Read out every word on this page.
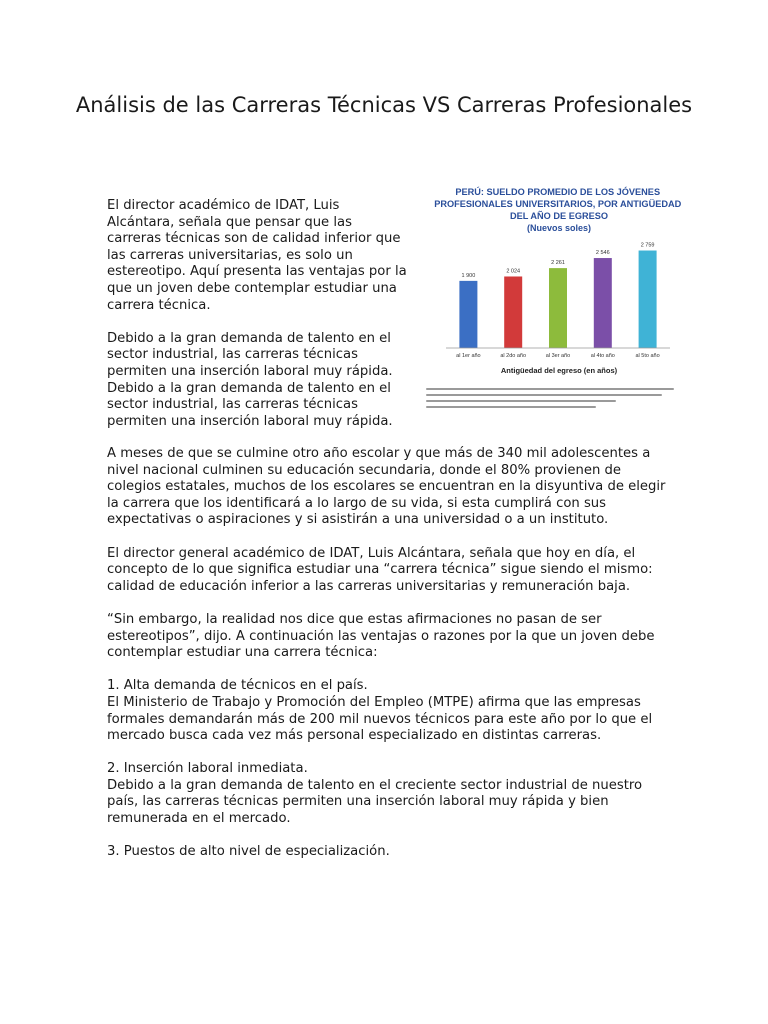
Análisis de las Carreras Técnicas VS Carreras Profesionales

El director académico de IDAT, Luis Alcántara, señala que pensar que las carreras técnicas son de calidad inferior que las carreras universitarias, es solo un estereotipo. Aquí presenta las ventajas por la que un joven debe contemplar estudiar una carrera técnica.

Debido a la gran demanda de talento en el sector industrial, las carreras técnicas permiten una inserción laboral muy rápida. Debido a la gran demanda de talento en el sector industrial, las carreras técnicas permiten una inserción laboral muy rápida.

PERÚ: SUELDO PROMEDIO DE LOS JÓVENES PROFESIONALES UNIVERSITARIOS, POR ANTIGÜEDAD DEL AÑO DE EGRESO
(Nuevos soles)
1 900
al 1er año
2 024
al 2do año
2 261
al 3er año
2 546
al 4to año
2 759
al 5to año
Antigüedad del egreso (en años)

A meses de que se culmine otro año escolar y que más de 340 mil adolescentes a nivel nacional culminen su educación secundaria, donde el 80% provienen de colegios estatales, muchos de los escolares se encuentran en la disyuntiva de elegir la carrera que los identificará a lo largo de su vida, si esta cumplirá con sus expectativas o aspiraciones y si asistirán a una universidad o a un instituto.

El director general académico de IDAT, Luis Alcántara, señala que hoy en día, el concepto de lo que significa estudiar una “carrera técnica” sigue siendo el mismo: calidad de educación inferior a las carreras universitarias y remuneración baja.

“Sin embargo, la realidad nos dice que estas afirmaciones no pasan de ser estereotipos”, dijo. A continuación las ventajas o razones por la que un joven debe contemplar estudiar una carrera técnica:

1. Alta demanda de técnicos en el país.
El Ministerio de Trabajo y Promoción del Empleo (MTPE) afirma que las empresas formales demandarán más de 200 mil nuevos técnicos para este año por lo que el mercado busca cada vez más personal especializado en distintas carreras.

2. Inserción laboral inmediata.
Debido a la gran demanda de talento en el creciente sector industrial de nuestro país, las carreras técnicas permiten una inserción laboral muy rápida y bien remunerada en el mercado.

3. Puestos de alto nivel de especialización.
